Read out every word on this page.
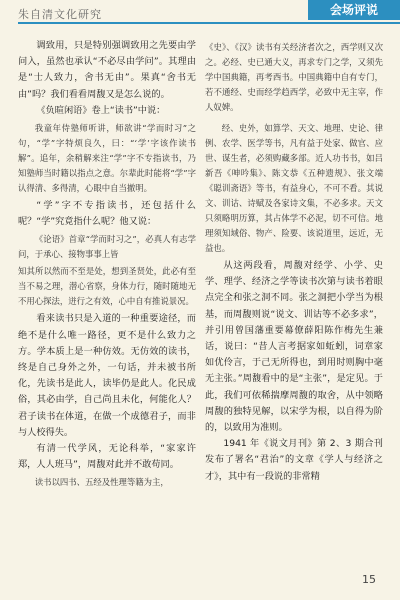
朱自清文化研究	会场评说

调致用，只是特别强调致用之先要由学问入，虽然也承认“不必尽由学问”。其理由是“士人致力，舍书无由”。果真“舍书无由”吗？我们看看周馥又是怎么说的。

《负暄闲语》卷上“读书”中说：

我童年侍塾师听讲，师欲讲“学而时习”之句，“学”字特烦良久，曰：“‘学’字该作读书解”。追年，余稍解来注“学”字不专指读书，乃知塾师当时籍以指点之意。尔辈此时能将“学”字认得清、多得清，心眼中自当撤明。

“学”字不专指读书，还包括什么呢？“学”究竟指什么呢？他又说：

《论语》首章“学而时习之”，必真人有志学问，于承心、接物事事上皆

知其所以然而不至是处，想到圣贤处，此必有至当不易之理，潜心省察，身体力行，随时随地无不用心探法，迸行之有效，心中自有推说景况。

看来读书只是入道的一种重要途径，而绝不是什么唯一路径，更不是什么致力之方。学本质上是一种仿效。无仿效的读书，终是自己身外之外，一句话，并未被书所化，先读书是此人，读毕仍是此人。化民成俗，其必由学，自己尚且未化，何能化人？君子读书在体道，在做一个成德君子，而非与人校得失。

有清一代学风，无论科举，“家家许郑，人人班马”，周馥对此并不敢苟同。

读书以四书、五经及性理等籍为主，

《史》、《汉》读书有关经济者次之，西学则又次之。必经、史已通大义，再求专门之学，又须先学中国典籍，再考西书。中国典籍中自有专门，若不通经、史而经学趋西学，必致中无主宰，作人奴婢。

经、史外，如算学、天文、地理、史论、律例、农学、医学等书，凡有益于处家、做官、应世、谋生者，必须购藏多部。近人功书书，如吕新吾《呻吟集》、陈文恭《五种遗规》、张文端《聪训斋语》等书，有益身心，不可不看。其说文、训诂、诗赋及各家诗文集，不必多求。天文只须略明历算，其占体学不必泥，切不可信。地理须知域俗、物产、险要、该说道里，远近，无益也。

从这两段看，周馥对经学、小学、史学、理学、经济之学等读书次第与读书着眼点完全和张之洞不同。张之洞把小学当为根基，而周馥则说“说文、训诂等不必多求”，并引用曾国藩重要幕僚薛阳陈作梅先生兼话，说曰：“昔人言考据家如蚯蚓，词章家如优伶言，于己无所得也，到用时则胸中毫无主张。”周馥看中的是“主张”，是定见。于此，我们可依稀揣摩周馥的取舍，从中领略周馥的独特见解，以宋学为根，以自得为阶的，以致用为准则。

1941 年《说文月刊》第 2、3 期合刊发布了署名“君治”的文章《学人与经济之才》，其中有一段说的非常精

15
